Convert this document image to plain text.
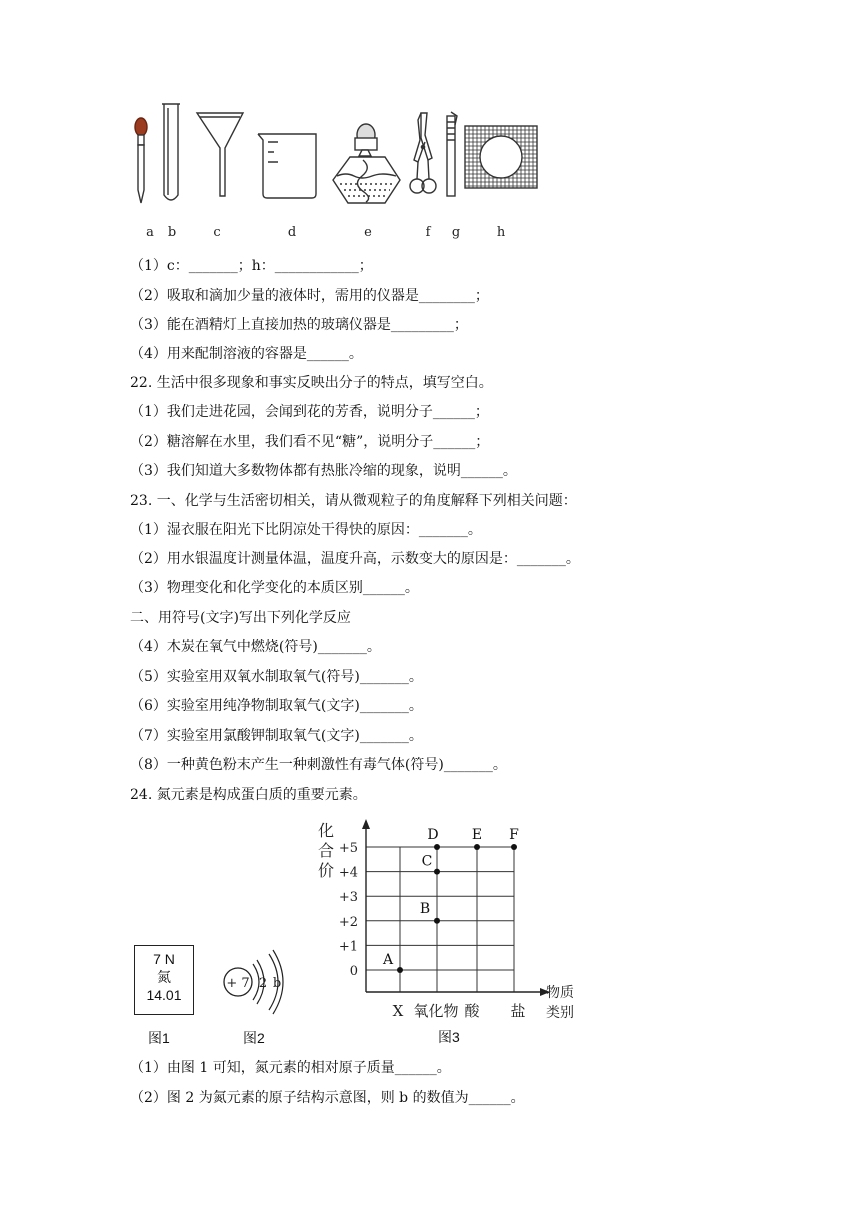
a b	c	d	e	f g	h
（1）c：_______；h：____________；
（2）吸取和滴加少量的液体时，需用的仪器是________；
（3）能在酒精灯上直接加热的玻璃仪器是_________；
（4）用来配制溶液的容器是______。
22. 生活中很多现象和事实反映出分子的特点，填写空白。
（1）我们走进花园，会闻到花的芳香，说明分子______；
（2）糖溶解在水里，我们看不见“糖”，说明分子______；
（3）我们知道大多数物体都有热胀冷缩的现象，说明______。
23. 一、化学与生活密切相关，请从微观粒子的角度解释下列相关问题：
（1）湿衣服在阳光下比阴凉处干得快的原因：_______。
（2）用水银温度计测量体温，温度升高，示数变大的原因是：_______。
（3）物理变化和化学变化的本质区别______。
二、用符号(文字)写出下列化学反应
（4）木炭在氧气中燃烧(符号)_______。
（5）实验室用双氧水制取氧气(符号)_______。
（6）实验室用纯净物制取氧气(文字)_______。
（7）实验室用氯酸钾制取氧气(文字)_______。
（8）一种黄色粉末产生一种刺激性有毒气体(符号)_______。
24. 氮元素是构成蛋白质的重要元素。
7 N
氮
14.01
图1
+ 7 2 b
图2
+5
+4
+3
+2
+1
0
化
合
价
X 氧化物 酸 盐
物质
类别
A
B
C
D E F
图3
（1）由图 1 可知，氮元素的相对原子质量______。
（2）图 2 为氮元素的原子结构示意图，则 b 的数值为______。
